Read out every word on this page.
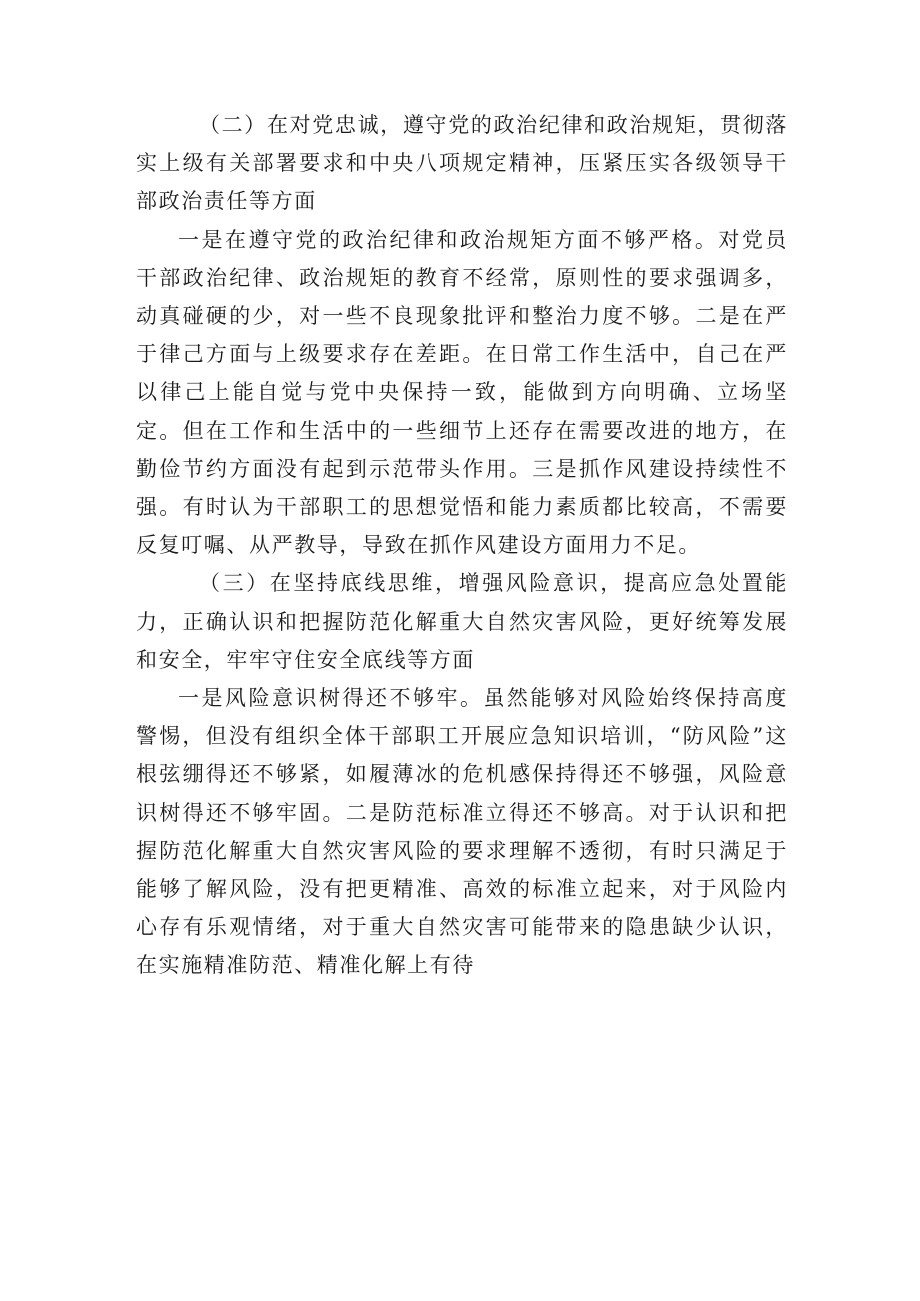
（二）在对党忠诚，遵守党的政治纪律和政治规矩，贯彻落实上级有关部署要求和中央八项规定精神，压紧压实各级领导干部政治责任等方面

一是在遵守党的政治纪律和政治规矩方面不够严格。对党员干部政治纪律、政治规矩的教育不经常，原则性的要求强调多，动真碰硬的少，对一些不良现象批评和整治力度不够。二是在严于律己方面与上级要求存在差距。在日常工作生活中，自己在严以律己上能自觉与党中央保持一致，能做到方向明确、立场坚定。但在工作和生活中的一些细节上还存在需要改进的地方，在勤俭节约方面没有起到示范带头作用。三是抓作风建设持续性不强。有时认为干部职工的思想觉悟和能力素质都比较高，不需要反复叮嘱、从严教导，导致在抓作风建设方面用力不足。

（三）在坚持底线思维，增强风险意识，提高应急处置能力，正确认识和把握防范化解重大自然灾害风险，更好统筹发展和安全，牢牢守住安全底线等方面

一是风险意识树得还不够牢。虽然能够对风险始终保持高度警惕，但没有组织全体干部职工开展应急知识培训，“防风险”这根弦绷得还不够紧，如履薄冰的危机感保持得还不够强，风险意识树得还不够牢固。二是防范标准立得还不够高。对于认识和把握防范化解重大自然灾害风险的要求理解不透彻，有时只满足于能够了解风险，没有把更精准、高效的标准立起来，对于风险内心存有乐观情绪，对于重大自然灾害可能带来的隐患缺少认识，在实施精准防范、精准化解上有待
